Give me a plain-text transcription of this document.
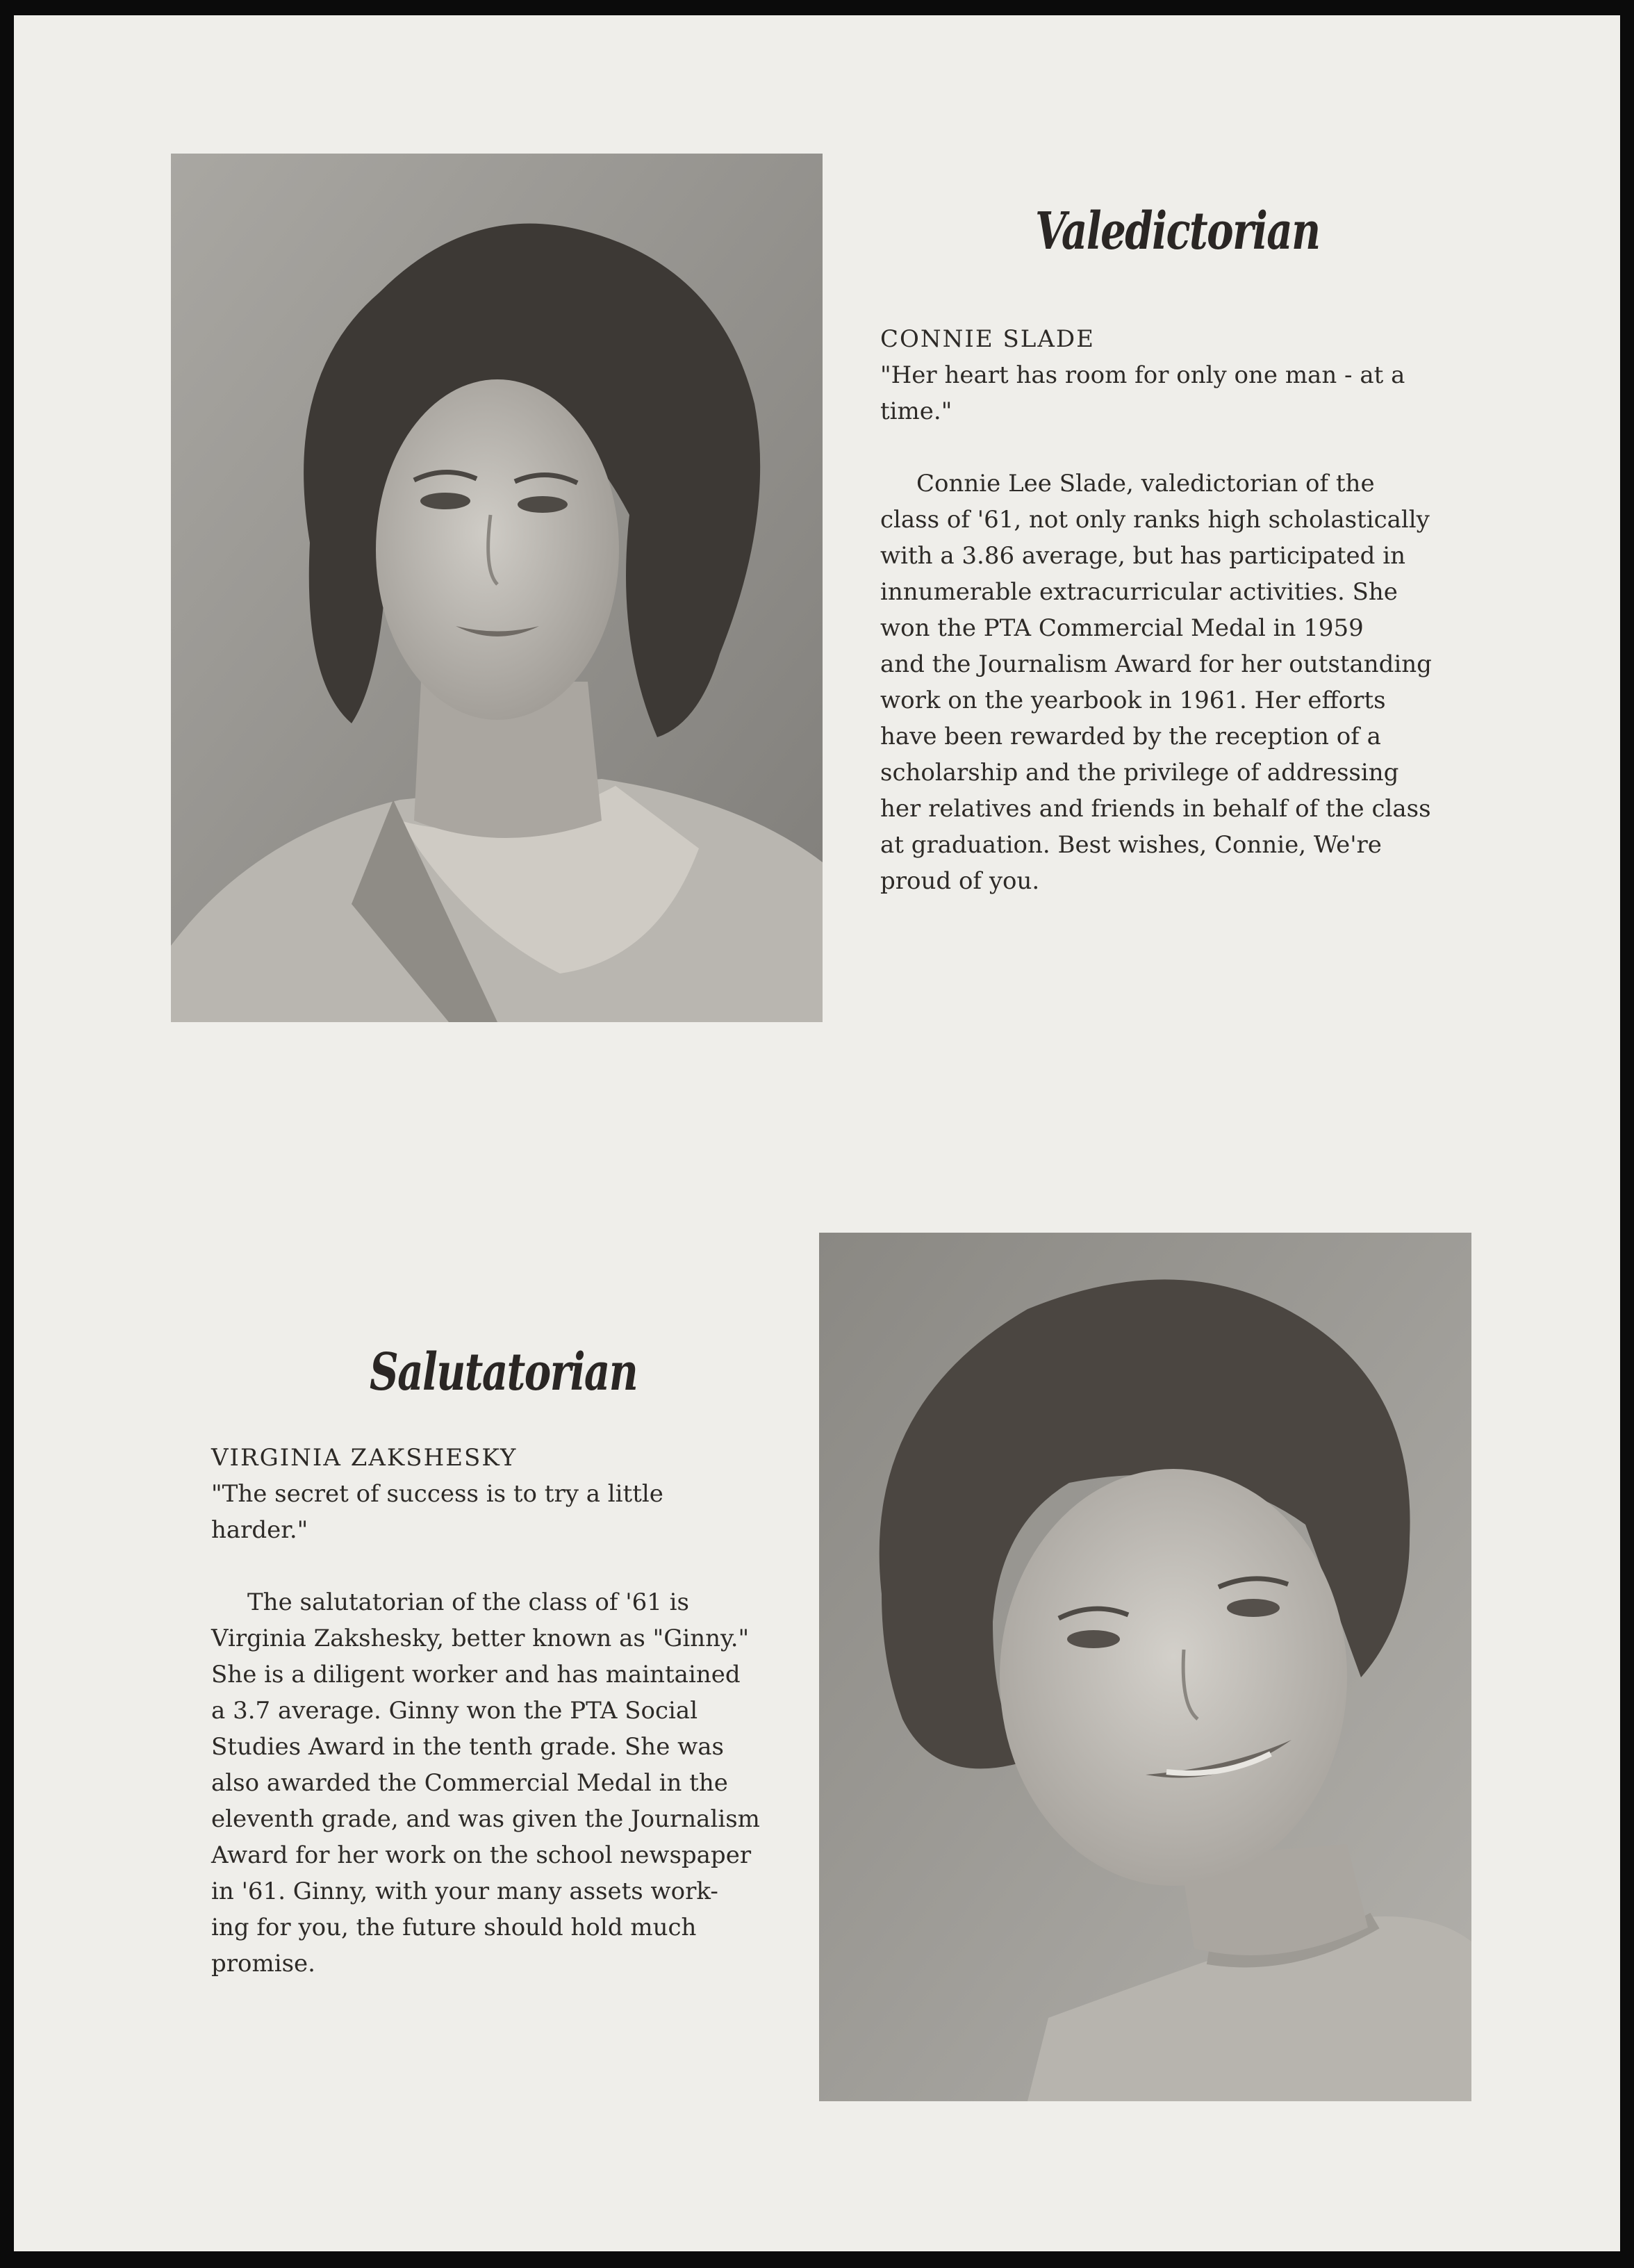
Valedictorian

CONNIE SLADE

"Her heart has room for only one man - at a
time."

Connie Lee Slade, valedictorian of the
class of '61, not only ranks high scholastically
with a 3.86 average, but has participated in
innumerable extracurricular activities. She
won the PTA Commercial Medal in 1959
and the Journalism Award for her outstanding
work on the yearbook in 1961. Her efforts
have been rewarded by the reception of a
scholarship and the privilege of addressing
her relatives and friends in behalf of the class
at graduation. Best wishes, Connie, We're
proud of you.

Salutatorian

VIRGINIA ZAKSHESKY

"The secret of success is to try a little
harder."

The salutatorian of the class of '61 is
Virginia Zakshesky, better known as "Ginny."
She is a diligent worker and has maintained
a 3.7 average. Ginny won the PTA Social
Studies Award in the tenth grade. She was
also awarded the Commercial Medal in the
eleventh grade, and was given the Journalism
Award for her work on the school newspaper
in '61. Ginny, with your many assets work-
ing for you, the future should hold much
promise.
